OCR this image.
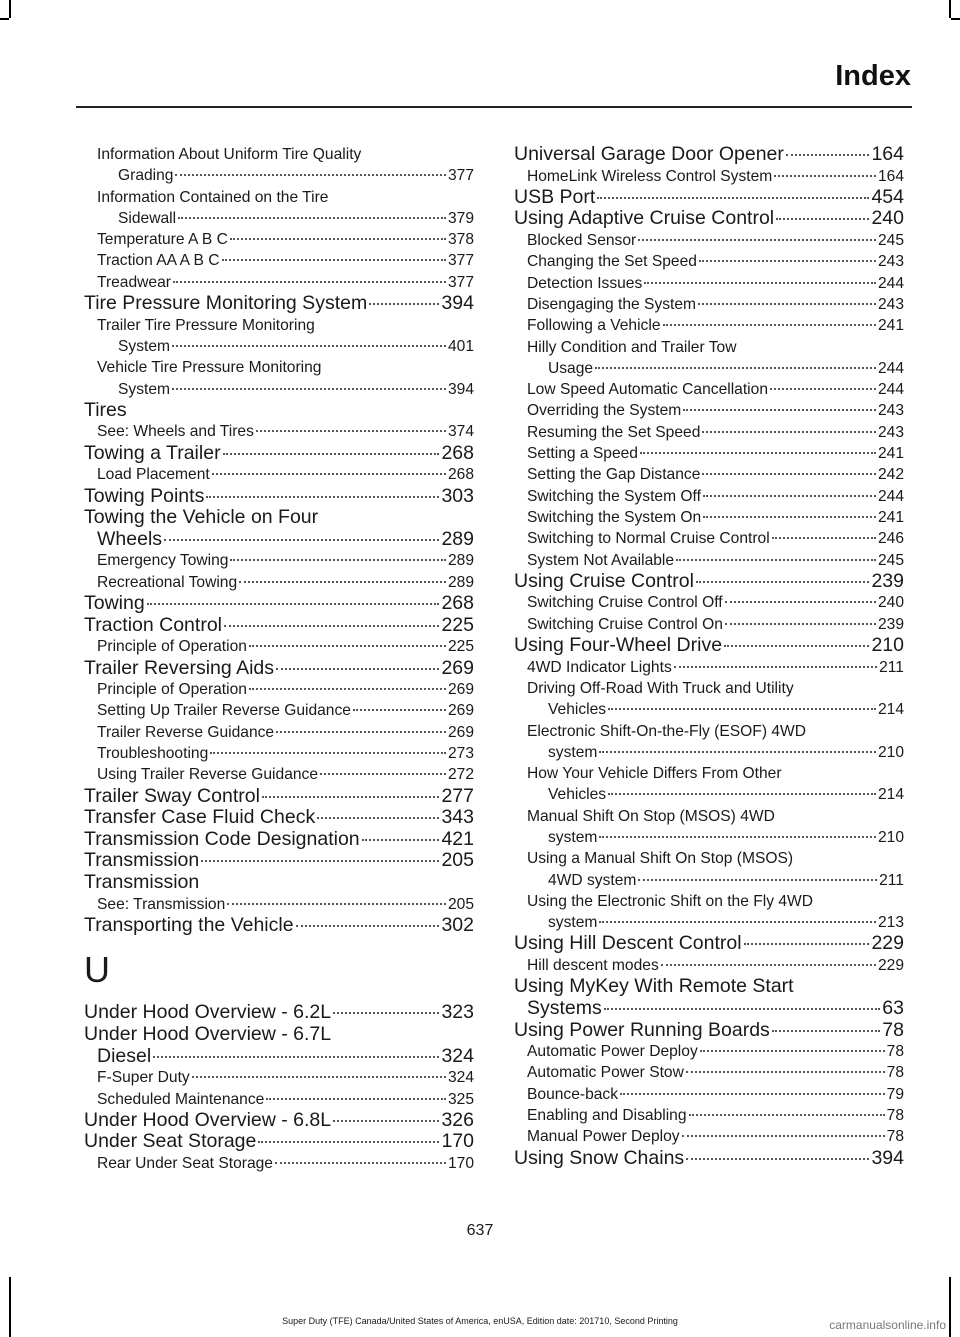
Index
Information About Uniform Tire Quality
Grading	377
Information Contained on the Tire
Sidewall	379
Temperature A B C	378
Traction AA A B C	377
Treadwear	377
Tire Pressure Monitoring System	394
Trailer Tire Pressure Monitoring
System	401
Vehicle Tire Pressure Monitoring
System	394
Tires
See: Wheels and Tires	374
Towing a Trailer	268
Load Placement	268
Towing Points	303
Towing the Vehicle on Four
Wheels	289
Emergency Towing	289
Recreational Towing	289
Towing	268
Traction Control	225
Principle of Operation	225
Trailer Reversing Aids	269
Principle of Operation	269
Setting Up Trailer Reverse Guidance	269
Trailer Reverse Guidance	269
Troubleshooting	273
Using Trailer Reverse Guidance	272
Trailer Sway Control	277
Transfer Case Fluid Check	343
Transmission Code Designation	421
Transmission	205
Transmission
See: Transmission	205
Transporting the Vehicle	302
U
Under Hood Overview - 6.2L	323
Under Hood Overview - 6.7L
Diesel	324
F-Super Duty	324
Scheduled Maintenance	325
Under Hood Overview - 6.8L	326
Under Seat Storage	170
Rear Under Seat Storage	170
Universal Garage Door Opener	164
HomeLink Wireless Control System	164
USB Port	454
Using Adaptive Cruise Control	240
Blocked Sensor	245
Changing the Set Speed	243
Detection Issues	244
Disengaging the System	243
Following a Vehicle	241
Hilly Condition and Trailer Tow
Usage	244
Low Speed Automatic Cancellation	244
Overriding the System	243
Resuming the Set Speed	243
Setting a Speed	241
Setting the Gap Distance	242
Switching the System Off	244
Switching the System On	241
Switching to Normal Cruise Control	246
System Not Available	245
Using Cruise Control	239
Switching Cruise Control Off	240
Switching Cruise Control On	239
Using Four-Wheel Drive	210
4WD Indicator Lights	211
Driving Off-Road With Truck and Utility
Vehicles	214
Electronic Shift-On-the-Fly (ESOF) 4WD
system	210
How Your Vehicle Differs From Other
Vehicles	214
Manual Shift On Stop (MSOS) 4WD
system	210
Using a Manual Shift On Stop (MSOS)
4WD system	211
Using the Electronic Shift on the Fly 4WD
system	213
Using Hill Descent Control	229
Hill descent modes	229
Using MyKey With Remote Start
Systems	63
Using Power Running Boards	78
Automatic Power Deploy	78
Automatic Power Stow	78
Bounce-back	79
Enabling and Disabling	78
Manual Power Deploy	78
Using Snow Chains	394
637
Super Duty (TFE) Canada/United States of America, enUSA, Edition date: 201710, Second Printing	carmanualsonline.info
